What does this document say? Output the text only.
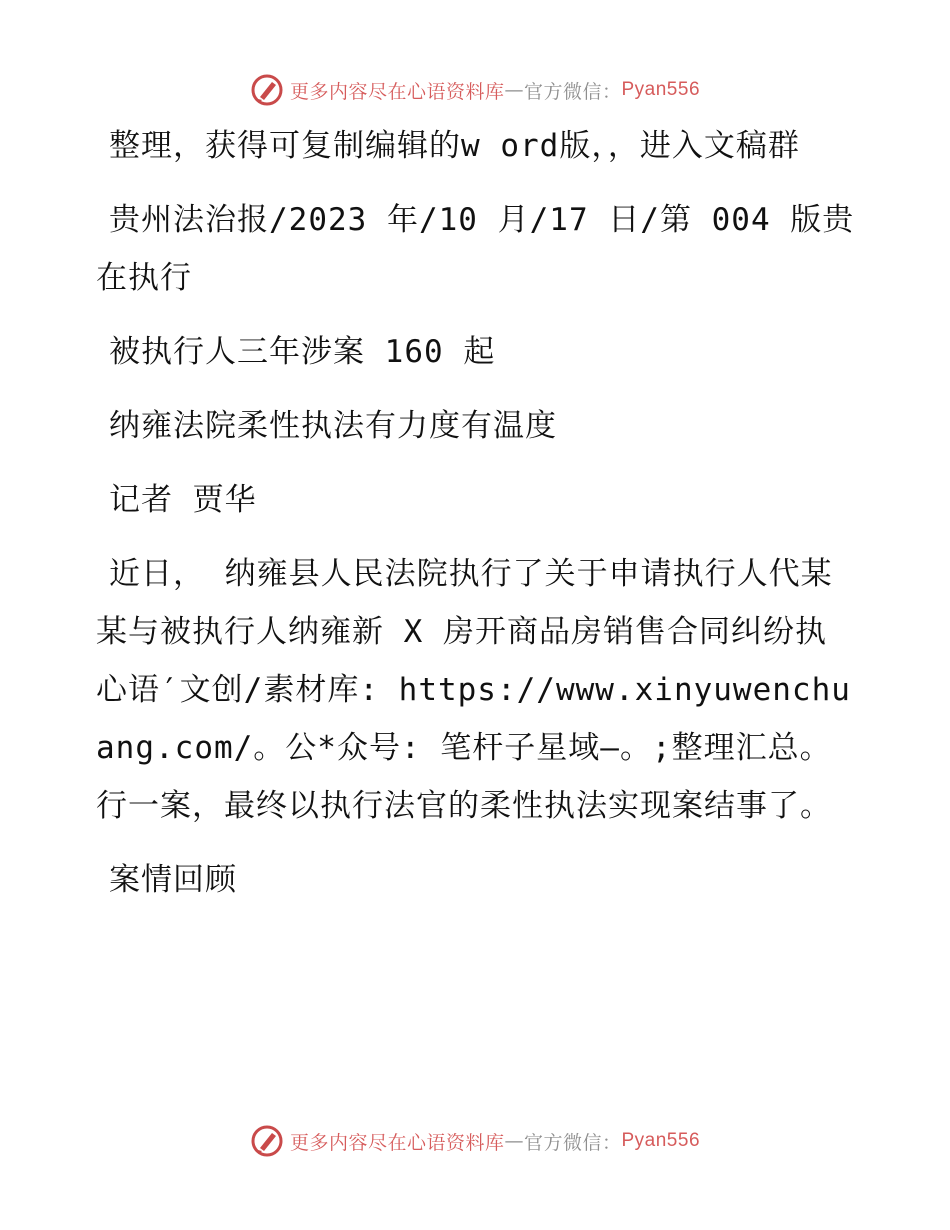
更多内容尽在心语资料库 — 官方微信： Pyan556

整理，获得可复制编辑的w ord版，，进入文稿群

贵州法治报/2023 年/10 月/17 日/第 004 版贵在执行

被执行人三年涉案 160 起

纳雍法院柔性执法有力度有温度

记者 贾华

近日， 纳雍县人民法院执行了关于申请执行人代某某与被执行人纳雍新 X 房开商品房销售合同纠纷执心语′文创/素材库: https://www.xinyuwenchuang.com/。公*众号: 笔杆子星域—。;整理汇总。行一案，最终以执行法官的柔性执法实现案结事了。

案情回顾

更多内容尽在心语资料库 — 官方微信： Pyan556
